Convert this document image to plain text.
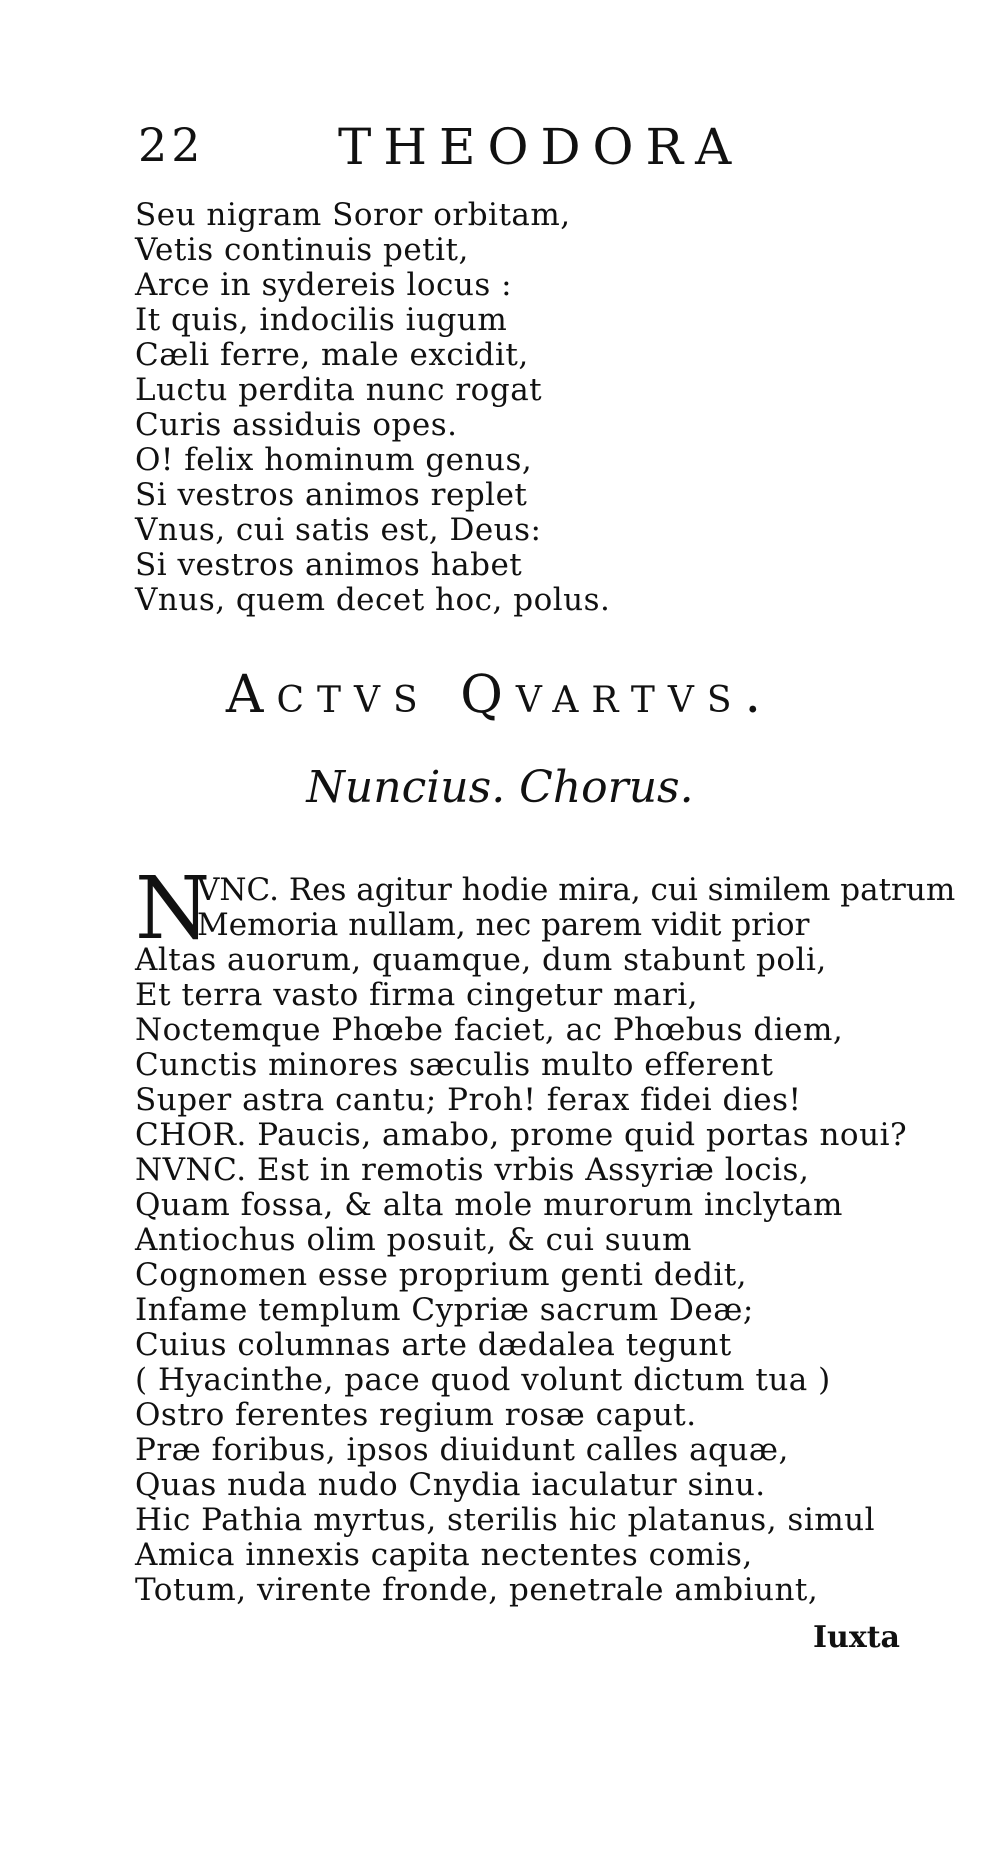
22	THEODORA
Seu nigram Soror orbitam,
Vetis continuis petit,
Arce in sydereis locus :
It quis, indocilis iugum
Cæli ferre, male excidit,
Luctu perdita nunc rogat
Curis assiduis opes.
O! felix hominum genus,
Si vestros animos replet
Vnus, cui satis est, Deus:
Si vestros animos habet
Vnus, quem decet hoc, polus.
Actvs Qvartvs.
Nuncius. Chorus.
N
VNC. Res agitur hodie mira, cui similem patrum
Memoria nullam, nec parem vidit prior
Altas auorum, quamque, dum stabunt poli,
Et terra vasto firma cingetur mari,
Noctemque Phœbe faciet, ac Phœbus diem,
Cunctis minores sæculis multo efferent
Super astra cantu; Proh! ferax fidei dies!
CHOR. Paucis, amabo, prome quid portas noui?
NVNC. Est in remotis vrbis Assyriæ locis,
Quam fossa, & alta mole murorum inclytam
Antiochus olim posuit, & cui suum
Cognomen esse proprium genti dedit,
Infame templum Cypriæ sacrum Deæ;
Cuius columnas arte dædalea tegunt
( Hyacinthe, pace quod volunt dictum tua )
Ostro ferentes regium rosæ caput.
Præ foribus, ipsos diuidunt calles aquæ,
Quas nuda nudo Cnydia iaculatur sinu.
Hic Pathia myrtus, sterilis hic platanus, simul
Amica innexis capita nectentes comis,
Totum, virente fronde, penetrale ambiunt,
Iuxta
